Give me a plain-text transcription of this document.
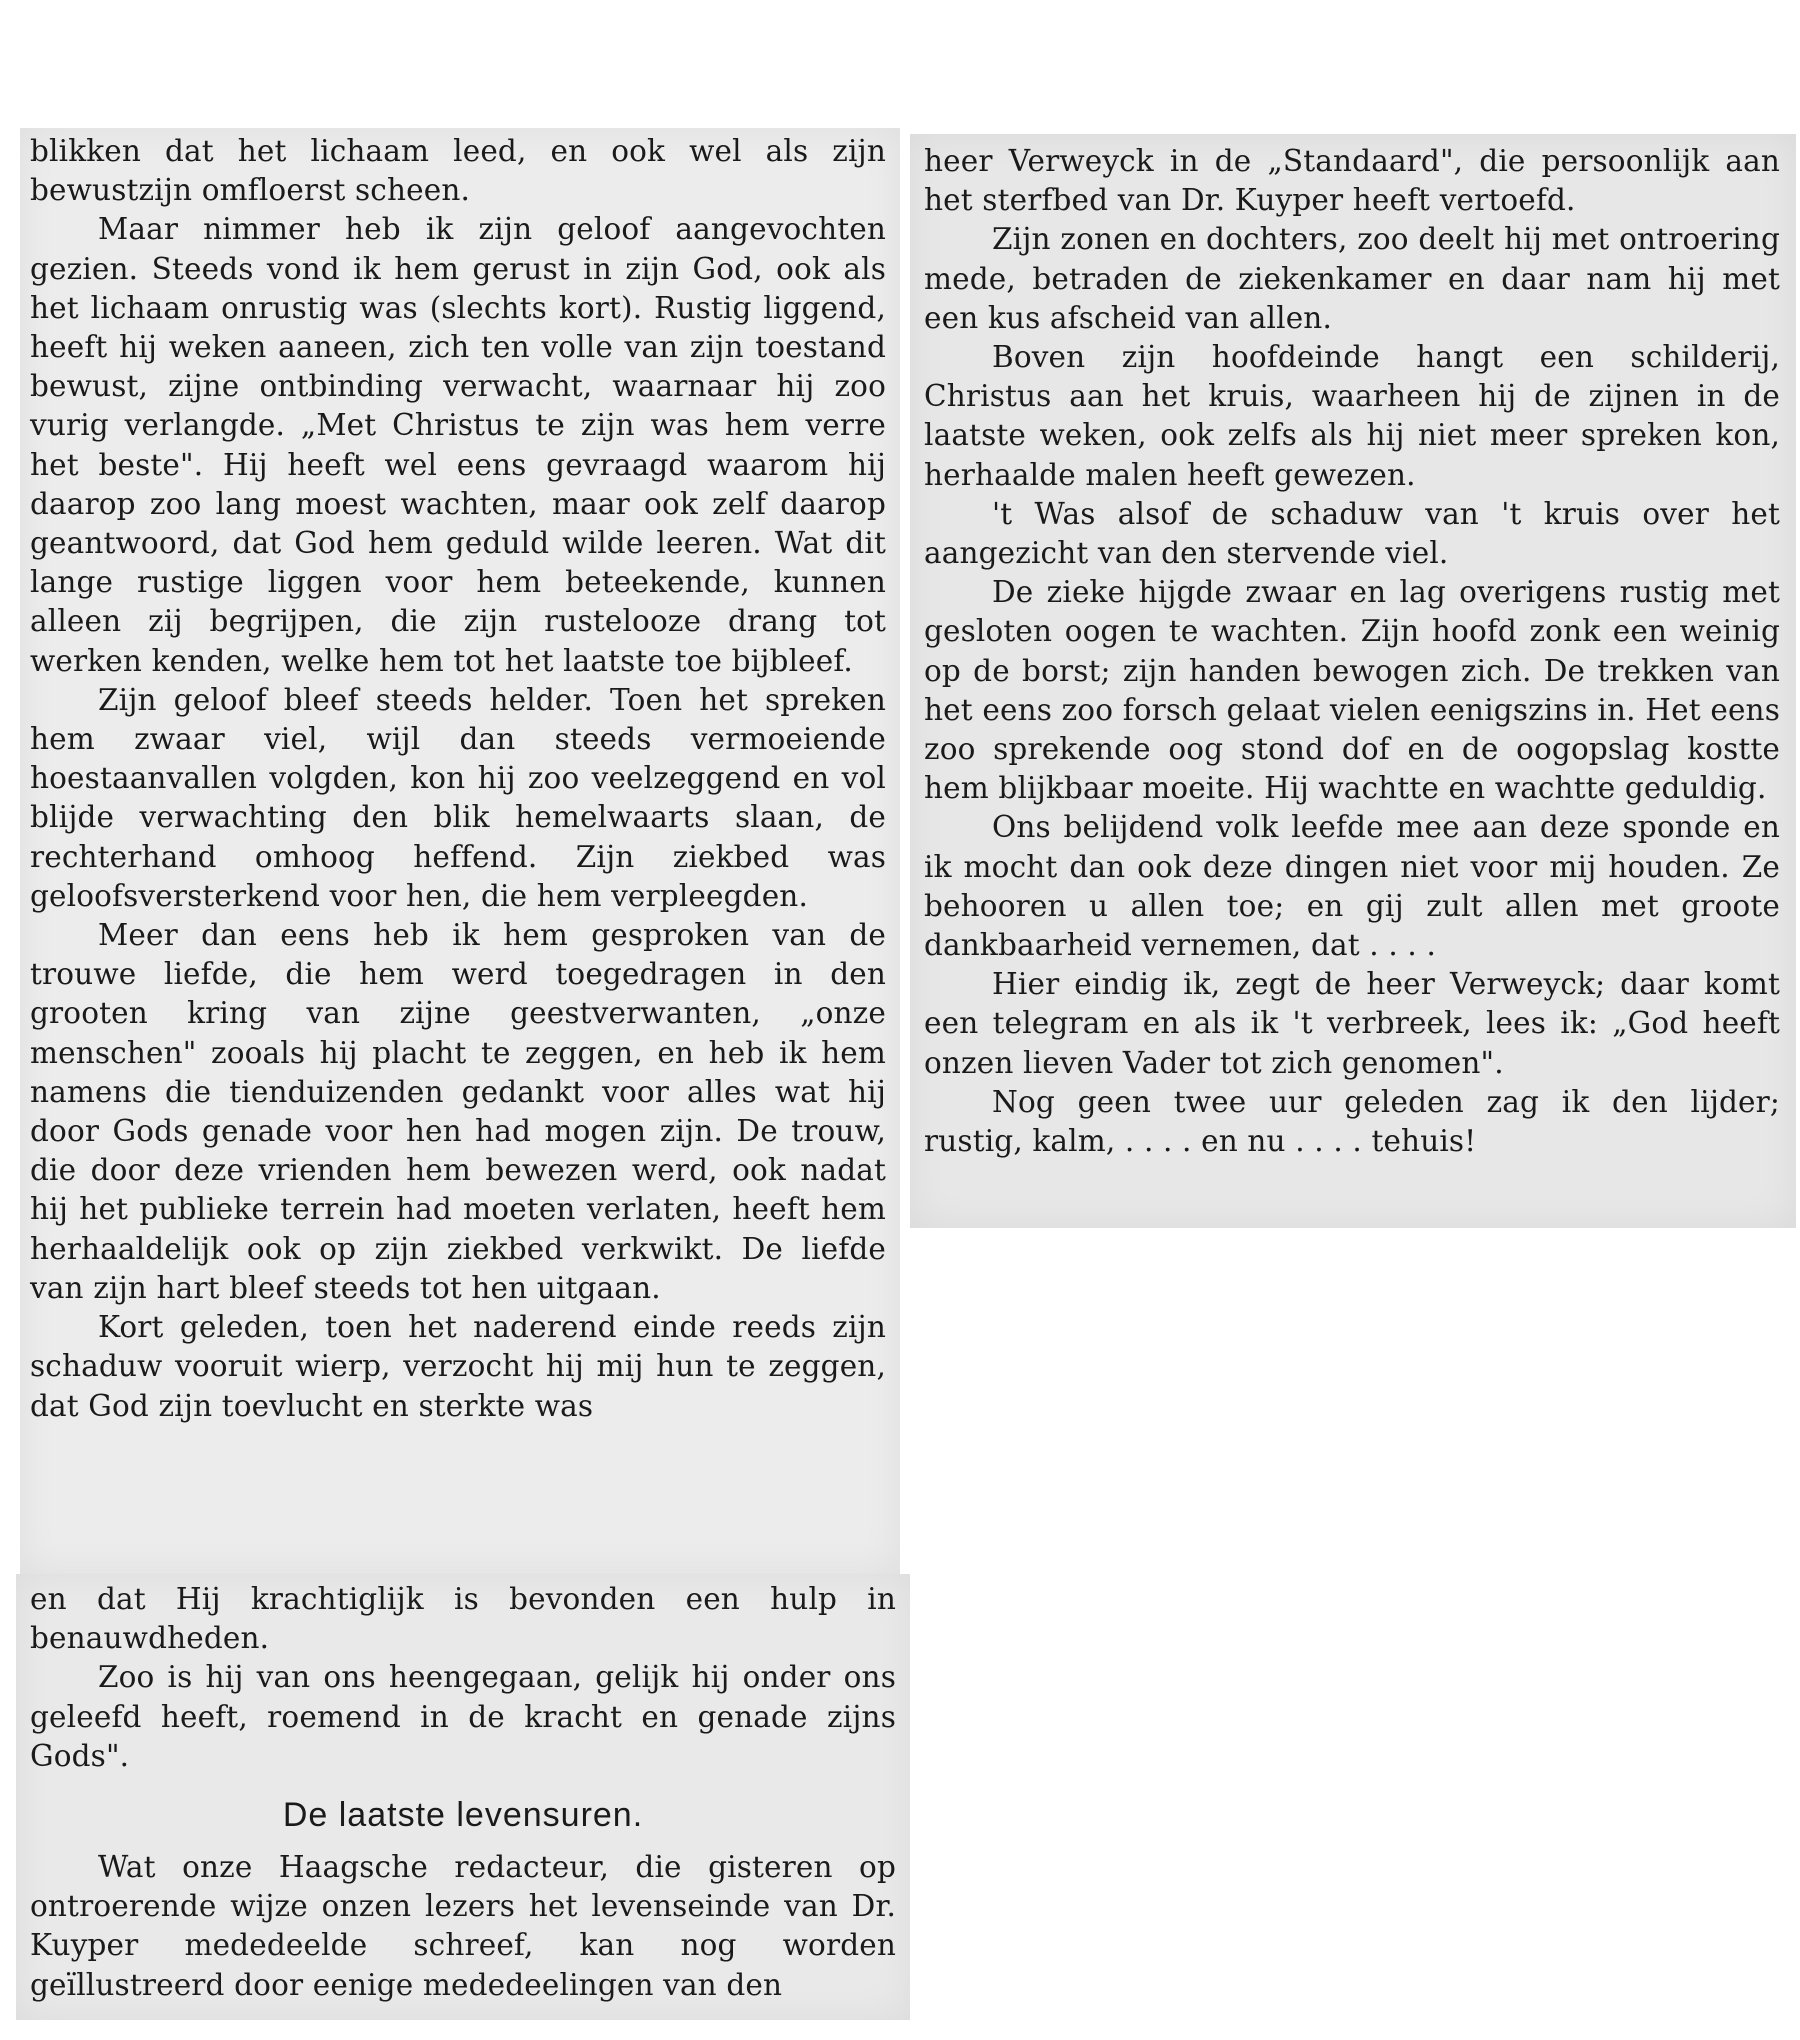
blikken dat het lichaam leed, en ook wel als zijn bewustzijn omfloerst scheen.

Maar nimmer heb ik zijn geloof aangevochten gezien. Steeds vond ik hem gerust in zijn God, ook als het lichaam onrustig was (slechts kort). Rustig liggend, heeft hij weken aaneen, zich ten volle van zijn toestand bewust, zijne ontbinding verwacht, waarnaar hij zoo vurig verlangde. „Met Christus te zijn was hem verre het beste". Hij heeft wel eens gevraagd waarom hij daarop zoo lang moest wachten, maar ook zelf daarop geantwoord, dat God hem geduld wilde leeren. Wat dit lange rustige liggen voor hem beteekende, kunnen alleen zij begrijpen, die zijn rustelooze drang tot werken kenden, welke hem tot het laatste toe bijbleef.

Zijn geloof bleef steeds helder. Toen het spreken hem zwaar viel, wijl dan steeds vermoeiende hoestaanvallen volgden, kon hij zoo veelzeggend en vol blijde verwachting den blik hemelwaarts slaan, de rechterhand omhoog heffend. Zijn ziekbed was geloofsversterkend voor hen, die hem verpleegden.

Meer dan eens heb ik hem gesproken van de trouwe liefde, die hem werd toegedragen in den grooten kring van zijne geestverwanten, „onze menschen" zooals hij placht te zeggen, en heb ik hem namens die tienduizenden gedankt voor alles wat hij door Gods genade voor hen had mogen zijn. De trouw, die door deze vrienden hem bewezen werd, ook nadat hij het publieke terrein had moeten verlaten, heeft hem herhaaldelijk ook op zijn ziekbed verkwikt. De liefde van zijn hart bleef steeds tot hen uitgaan.

Kort geleden, toen het naderend einde reeds zijn schaduw vooruit wierp, verzocht hij mij hun te zeggen, dat God zijn toevlucht en sterkte was

en dat Hij krachtiglijk is bevonden een hulp in benauwdheden.

Zoo is hij van ons heengegaan, gelijk hij onder ons geleefd heeft, roemend in de kracht en genade zijns Gods".

De laatste levensuren.

Wat onze Haagsche redacteur, die gisteren op ontroerende wijze onzen lezers het levenseinde van Dr. Kuyper mededeelde schreef, kan nog worden geïllustreerd door eenige mededeelingen van den

heer Verweyck in de „Standaard", die persoonlijk aan het sterfbed van Dr. Kuyper heeft vertoefd.

Zijn zonen en dochters, zoo deelt hij met ontroering mede, betraden de ziekenkamer en daar nam hij met een kus afscheid van allen.

Boven zijn hoofdeinde hangt een schilderij, Christus aan het kruis, waarheen hij de zijnen in de laatste weken, ook zelfs als hij niet meer spreken kon, herhaalde malen heeft gewezen.

't Was alsof de schaduw van 't kruis over het aangezicht van den stervende viel.

De zieke hijgde zwaar en lag overigens rustig met gesloten oogen te wachten. Zijn hoofd zonk een weinig op de borst; zijn handen bewogen zich. De trekken van het eens zoo forsch gelaat vielen eenigszins in. Het eens zoo sprekende oog stond dof en de oogopslag kostte hem blijkbaar moeite. Hij wachtte en wachtte geduldig.

Ons belijdend volk leefde mee aan deze sponde en ik mocht dan ook deze dingen niet voor mij houden. Ze behooren u allen toe; en gij zult allen met groote dankbaarheid vernemen, dat . . . .

Hier eindig ik, zegt de heer Verweyck; daar komt een telegram en als ik 't verbreek, lees ik: „God heeft onzen lieven Vader tot zich genomen".

Nog geen twee uur geleden zag ik den lijder; rustig, kalm, . . . . en nu . . . . tehuis!
